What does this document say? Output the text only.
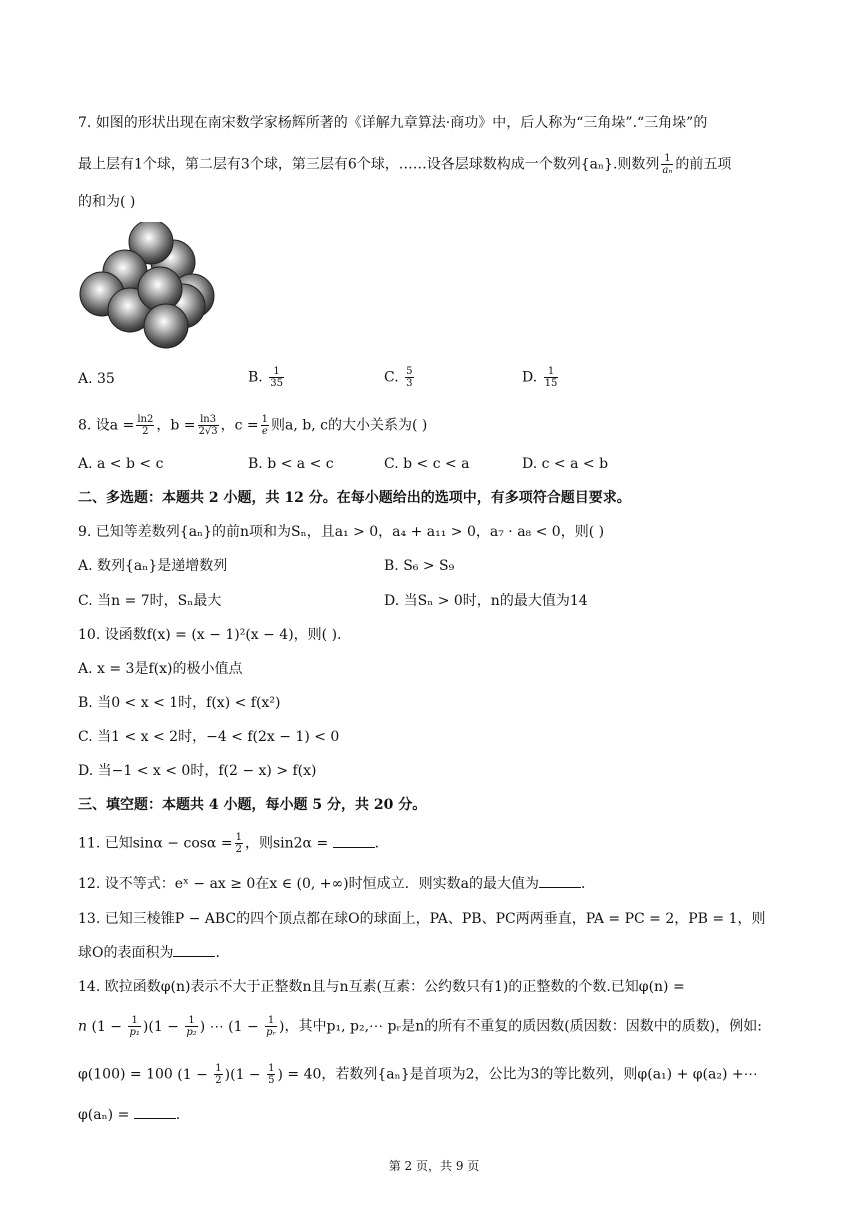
7. 如图的形状出现在南宋数学家杨辉所著的《详解九章算法·商功》中，后人称为“三角垛”.“三角垛”的
最上层有1个球，第二层有3个球，第三层有6个球，……设各层球数构成一个数列{aₙ}.则数列 $\frac{1}{\text{aₙ}}$ 的前五项
的和为( )
A. 35	B. $\frac{1}{35}$	C. $\frac{5}{3}$	D. $\frac{1}{15}$
8. 设$a = \frac{\ln 2}{2}$ ，$b = \frac{\ln 3}{2√3}$ ，$c = \frac{1}{e}$ 则a, b, c的大小关系为( )
A. a < b < c	B. b < a < c	C. b < c < a	D. c < a < b
二、多选题：本题共 2 小题，共 12 分。在每小题给出的选项中，有多项符合题目要求。
9. 已知等差数列{aₙ}的前n项和为Sₙ，且a₁ > 0，a₄ + a₁₁ > 0，a₇ · a₈ < 0，则( )
A. 数列{aₙ}是递增数列	B. S₆ > S₉
C. 当n = 7时，Sₙ最大	D. 当Sₙ > 0时，n的最大值为14
10. 设函数f(x) = (x − 1)²(x − 4)，则( ).
A. x = 3是f(x)的极小值点
B. 当0 < x < 1时，f(x) < f(x²)
C. 当1 < x < 2时，−4 < f(2x − 1) < 0
D. 当−1 < x < 0时，f(2 − x) > f(x)
三、填空题：本题共 4 小题，每小题 5 分，共 20 分。
11. 已知$\sin\alpha - \cos\alpha = \frac{1}{2}$ ，则sin2α =	.
12. 设不等式：eˣ − ax ≥ 0在x ∈ (0, +∞)时恒成立．则实数a的最大值为	.
13. 已知三棱锥P − ABC的四个顶点都在球O的球面上，PA、PB、PC两两垂直，PA = PC = 2，PB = 1，则
球O的表面积为	.
14. 欧拉函数φ(n)表示不大于正整数n且与n互素(互素：公约数只有1)的正整数的个数.已知φ(n) =
n $(1 - \frac{1}{\text{p₁}} )(1 - \frac{1}{\text{p₂}}$ ) ⋯ ($1 - \frac{1}{\text{pᵣ}}$ )，其中p₁, p₂,⋯ pᵣ是n的所有不重复的质因数(质因数：因数中的质数)，例如:
φ(100) = 100 $(1 - \frac{1}{2} )(1 - \frac{1}{5}$ ) = 40，若数列{aₙ}是首项为2，公比为3的等比数列，则φ(a₁) + φ(a₂) +⋯
φ(aₙ) =	.
第 2 页，共 9 页
